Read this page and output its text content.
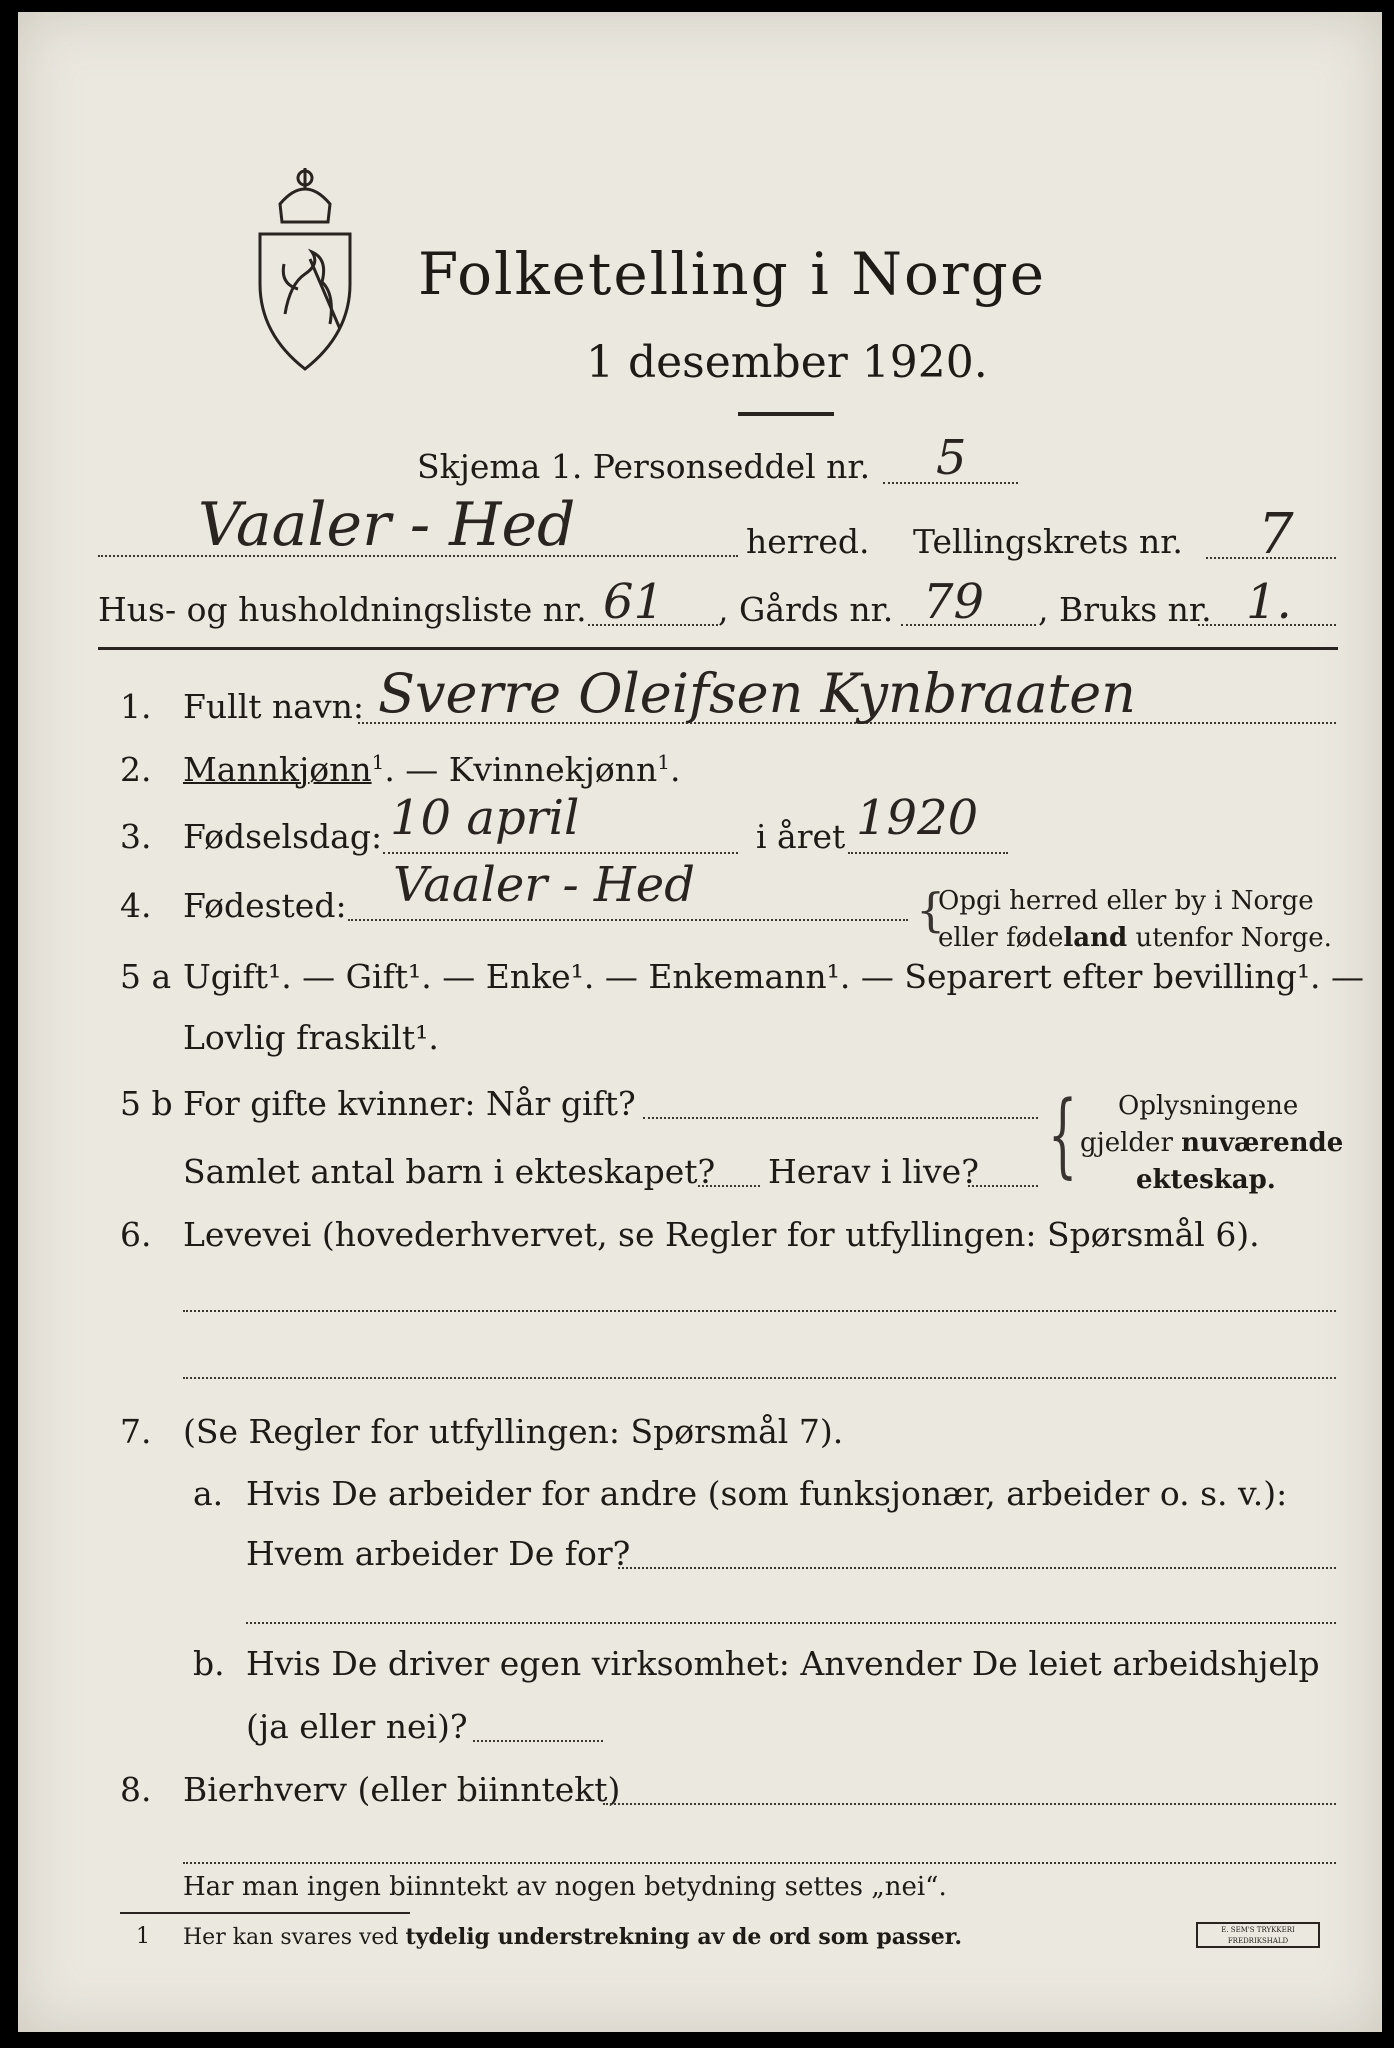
Folketelling i Norge
1 desember 1920.
Skjema 1. Personseddel nr. 5
Vaaler - Hed	herred. Tellingskrets nr. 7
Hus- og husholdningsliste nr. 61 , Gårds nr. 79 , Bruks nr. 1.
1. Fullt navn: Sverre Oleifsen Kynbraaten
2. Mannkjønn$^1$. — Kvinnekjønn$^1$.
3. Fødselsdag: 10 april	i året 1920
4. Fødested: Vaaler - Hed	{
Opgi herred eller by i Norge
eller fødeland utenfor Norge.
5 a Ugift¹. — Gift¹. — Enke¹. — Enkemann¹. — Separert efter bevilling¹. —
Lovlig fraskilt¹.
5 b For gifte kvinner: Når gift?
Samlet antal barn i ekteskapet? Herav i live? { Oplysningene
gjelder nuværende
ekteskap.
6. Levevei (hovederhvervet, se Regler for utfyllingen: Spørsmål 6).
7. (Se Regler for utfyllingen: Spørsmål 7).
a. Hvis De arbeider for andre (som funksjonær, arbeider o. s. v.):
Hvem arbeider De for?
b. Hvis De driver egen virksomhet: Anvender De leiet arbeidshjelp
(ja eller nei)?
8. Bierhverv (eller biinntekt)
Har man ingen biinntekt av nogen betydning settes „nei“.
1 Her kan svares ved tydelig understrekning av de ord som passer.	E. SEM'S TRYKKERI FREDRIKSHALD
